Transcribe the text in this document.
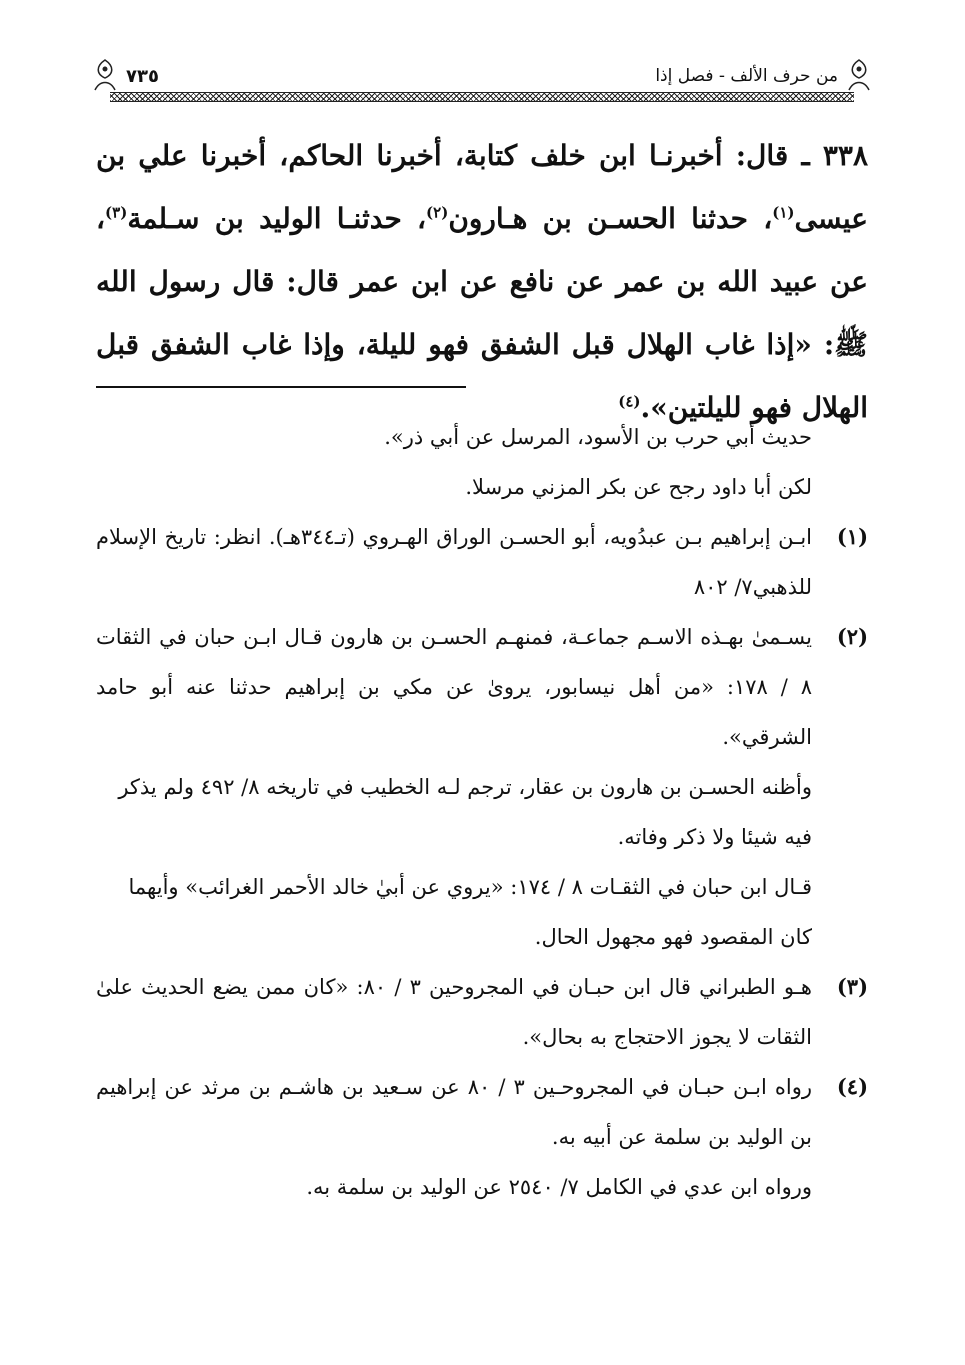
٧٣٥	من حرف الألف - فصل إذا

٣٣٨ ـ قال: أخبرنـا ابن خلف كتابة، أخبرنا الحاكم، أخبرنا علي بن عيسى$^{(١)}$، حدثنا الحسـن بن هـارون$^{(٢)}$، حدثنـا الوليد بن سـلمة$^{(٣)}$، عن عبيد الله بن عمر عن نافع عن ابن عمر قال: قال رسول الله ﷺ: «إذا غاب الهلال قبل الشفق فهو لليلة، وإذا غاب الشفق قبل الهلال فهو لليلتين».$^{(٤)}$

حديث أبي حرب بن الأسود، المرسل عن أبي ذر».

لكن أبا داود رجح عن بكر المزني مرسلا.

(١)
ابـن إبراهيم بـن عبدُويه، أبو الحسـن الوراق الهـروي (تـ٣٤٤هـ). انظر: تاريخ الإسلام للذهبي٧/ ٨٠٢

(٢)
يسـمىٰ بهـذه الاسـم جماعـة، فمنهـم الحسـن بن هارون قـال ابـن حبان في الثقات ٨ / ١٧٨: «من أهل نيسابور، يرویٰ عن مكي بن إبراهيم حدثنا عنه أبو حامد الشرقي».

وأظنه الحسـن بن هارون بن عقار، ترجم لـه الخطيب في تاريخه ٨/ ٤٩٢ ولم يذكر فيه شيئا ولا ذكر وفاته.

قـال ابن حبان في الثقـات ٨ / ١٧٤: «يروي عن أبيٰ خالد الأحمر الغرائب» وأيهما كان المقصود فهو مجهول الحال.

(٣)
هـو الطبراني قال ابن حبـان في المجروحين ٣ / ٨٠: «كان ممن يضع الحديث علىٰ الثقات لا يجوز الاحتجاج به بحال».

(٤)
رواه ابـن حبـان في المجروحـين ٣ / ٨٠ عن سـعيد بن هاشـم بن مرثد عن إبراهيم بن الوليد بن سلمة عن أبيه به.

ورواه ابن عدي في الكامل ٧/ ٢٥٤٠ عن الوليد بن سلمة به.
